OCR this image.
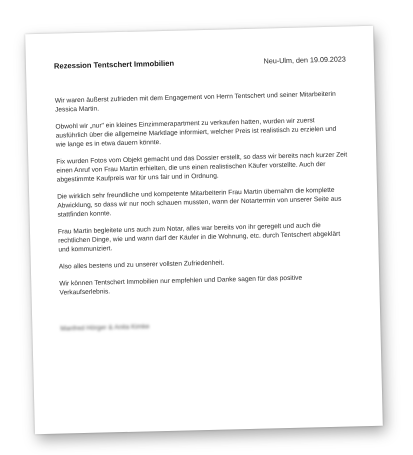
Rezession Tentschert Immobilien	Neu-Ulm, den 19.09.2023

Wir waren äußerst zufrieden mit dem Engagement von Herrn Tentschert und seiner Mitarbeiterin Jessica Martin.

Obwohl wir „nur" ein kleines Einzimmerapartment zu verkaufen hatten, wurden wir zuerst ausführlich über die allgemeine Marktlage informiert, welcher Preis ist realistisch zu erzielen und wie lange es in etwa dauern könnte.

Fix wurden Fotos vom Objekt gemacht und das Dossier erstellt, so dass wir bereits nach kurzer Zeit einen Anruf von Frau Martin erhielten, die uns einen realistischen Käufer vorstellte. Auch der abgestimmte Kaufpreis war für uns fair und in Ordnung.

Die wirklich sehr freundliche und kompetente Mitarbeiterin Frau Martin übernahm die komplette Abwicklung, so dass wir nur noch schauen mussten, wann der Notartermin von unserer Seite aus stattfinden konnte.

Frau Martin begleitete uns auch zum Notar, alles war bereits von ihr geregelt und auch die rechtlichen Dinge, wie und wann darf der Käufer in die Wohnung, etc. durch Tentschert abgeklärt und kommuniziert.

Also alles bestens und zu unserer vollsten Zufriedenheit.

Wir können Tentschert Immobilien nur empfehlen und Danke sagen für das positive Verkaufserlebnis.

Manfred Hörger & Anita Kimke
